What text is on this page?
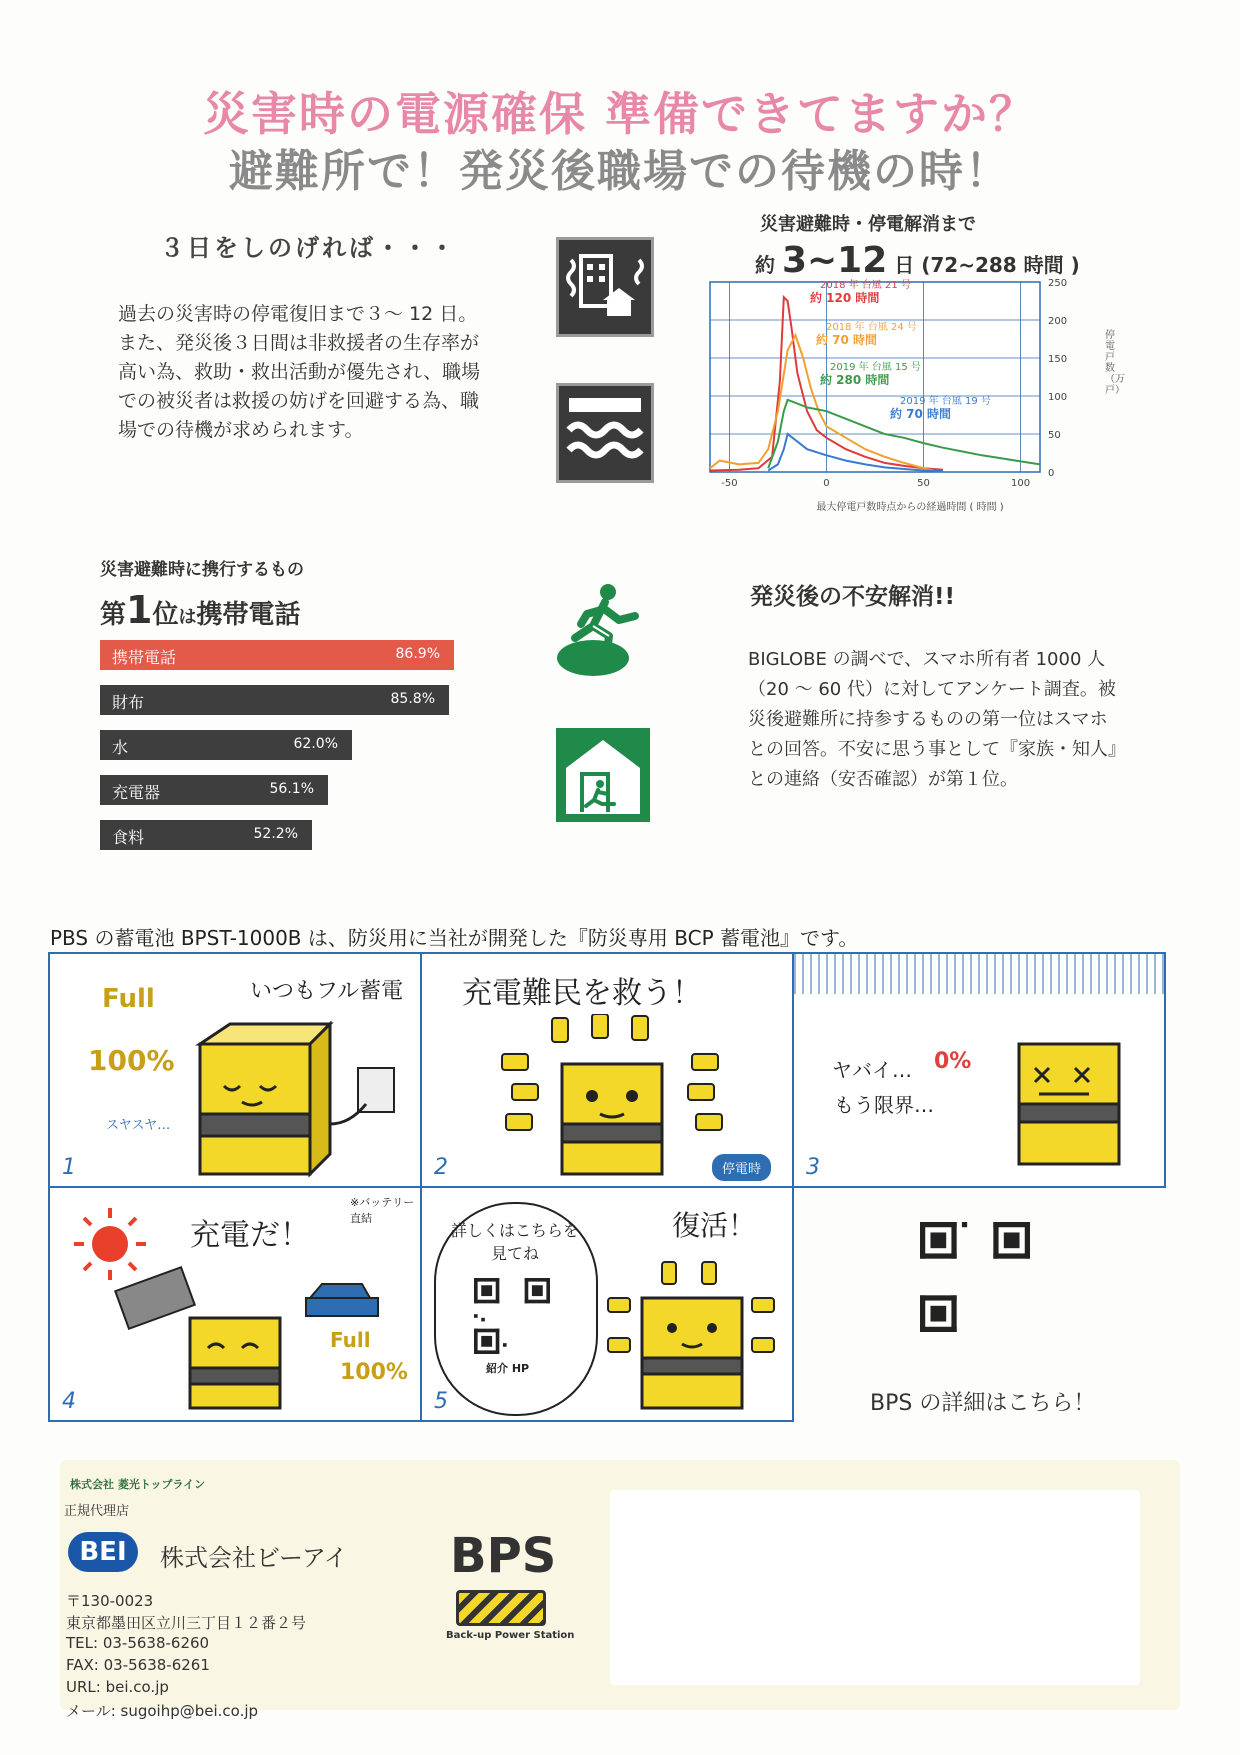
災害時の電源確保 準備できてますか？
避難所で！発災後職場での待機の時！
３日をしのげれば・・・
過去の災害時の停電復旧まで３～ 12 日。また、発災後３日間は非救援者の生存率が高い為、救助・救出活動が優先され、職場での被災者は救援の妨げを回避する為、職場での待機が求められます。
災害避難時・停電解消まで
約 3~12 日 (72~288 時間 )
250
200
150
100
50
0
-50	0	50	100
2018 年 台風 21 号
約 120 時間
2018 年 台風 24 号
約 70 時間
2019 年 台風 15 号
約 280 時間
2019 年 台風 19 号
約 70 時間
停電戸数（万戸）
最大停電戸数時点からの経過時間 ( 時間 )
災害避難時に携行するもの
第1位は携帯電話
携帯電話	86.9%
財布	85.8%
水	62.0%
充電器	56.1%
食料	52.2%
発災後の不安解消!!
BIGLOBE の調べで、スマホ所有者 1000 人（20 ～ 60 代）に対してアンケート調査。被災後避難所に持参するものの第一位はスマホとの回答。不安に思う事として『家族・知人』との連絡（安否確認）が第１位。
PBS の蓄電池 BPST-1000B は、防災用に当社が開発した『防災専用 BCP 蓄電池』です。
Full
100%
いつもフル蓄電
スヤスヤ…
1
充電難民を救う！
停電時
2
0%
ヤバイ…
もう限界…
3
充電だ！
※バッテリー直結
Full
100%
4
詳しくはこちらを見てね
紹介 HP
復活！
5	BPS の詳細はこちら！
株式会社 菱光トップライン
正規代理店
BEI	株式会社ビーアイ
〒130-0023
東京都墨田区立川三丁目１２番２号
TEL: 03-5638-6260
FAX: 03-5638-6261
URL: bei.co.jp
メール: sugoihp@bei.co.jp
BPS
Back-up Power Station
